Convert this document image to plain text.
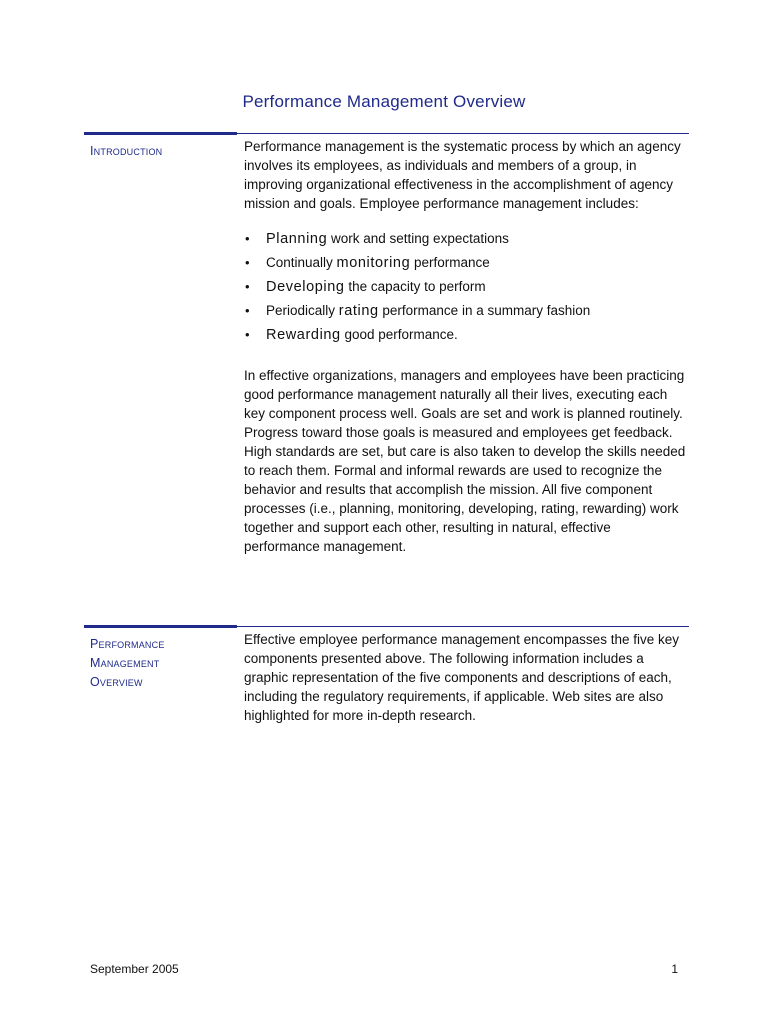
Performance Management Overview
Introduction	Performance management is the systematic process by which an agency involves its employees, as individuals and members of a group, in improving organizational effectiveness in the accomplishment of agency mission and goals. Employee performance management includes:

• Planning work and setting expectations
• Continually monitoring performance
• Developing the capacity to perform
• Periodically rating performance in a summary fashion
• Rewarding good performance.

In effective organizations, managers and employees have been practicing good performance management naturally all their lives, executing each key component process well. Goals are set and work is planned routinely. Progress toward those goals is measured and employees get feedback. High standards are set, but care is also taken to develop the skills needed to reach them. Formal and informal rewards are used to recognize the behavior and results that accomplish the mission. All five component processes (i.e., planning, monitoring, developing, rating, rewarding) work together and support each other, resulting in natural, effective performance management.

Performance
Management
Overview

Effective employee performance management encompasses the five key components presented above. The following information includes a graphic representation of the five components and descriptions of each, including the regulatory requirements, if applicable. Web sites are also highlighted for more in-depth research.

September 2005	1
